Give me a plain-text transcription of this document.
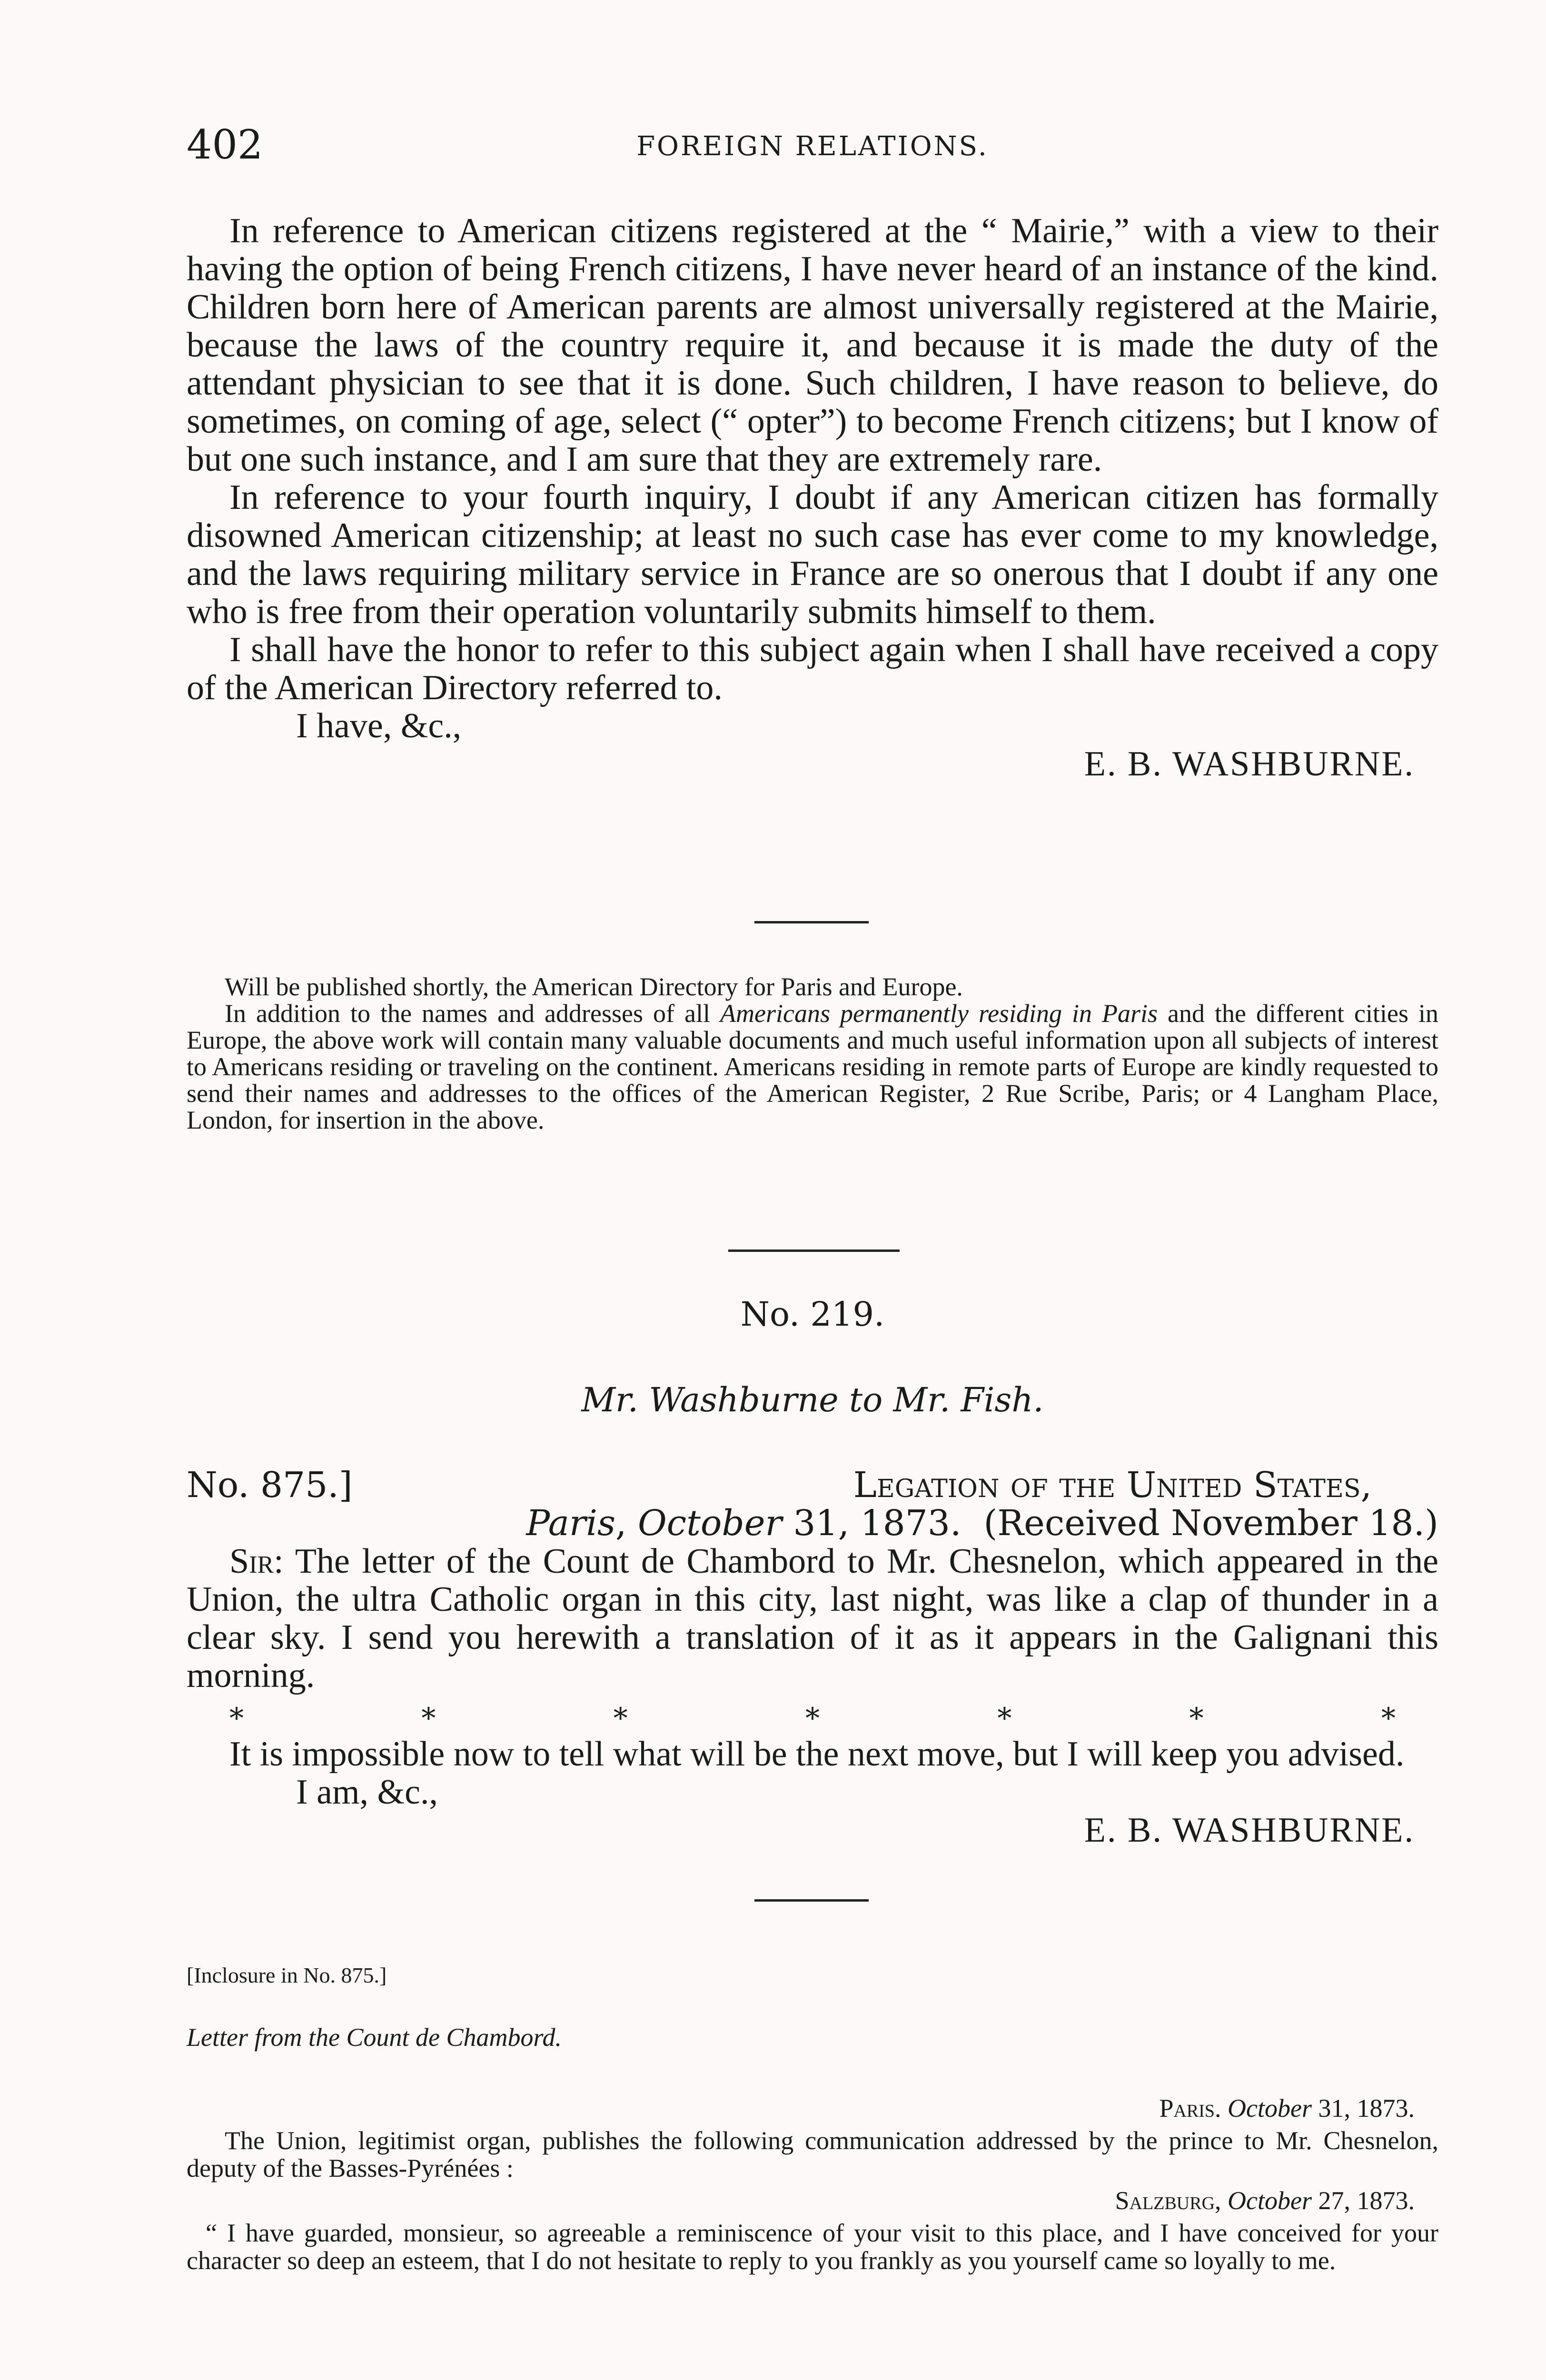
402	FOREIGN RELATIONS.

In reference to American citizens registered at the “ Mairie,” with a view to their having the option of being French citizens, I have never heard of an instance of the kind. Children born here of American parents are almost universally registered at the Mairie, because the laws of the country require it, and because it is made the duty of the attendant physician to see that it is done. Such children, I have reason to believe, do sometimes, on coming of age, select (“ opter”) to become French citizens; but I know of but one such instance, and I am sure that they are extremely rare.

In reference to your fourth inquiry, I doubt if any American citizen has formally disowned American citizenship; at least no such case has ever come to my knowledge, and the laws requiring military service in France are so onerous that I doubt if any one who is free from their operation voluntarily submits himself to them.

I shall have the honor to refer to this subject again when I shall have received a copy of the American Directory referred to.

I have, &c.,

E. B. WASHBURNE.

Will be published shortly, the American Directory for Paris and Europe.

In addition to the names and addresses of all Americans permanently residing in Paris and the different cities in Europe, the above work will contain many valuable documents and much useful information upon all subjects of interest to Americans residing or traveling on the continent. Americans residing in remote parts of Europe are kindly requested to send their names and addresses to the offices of the American Register, 2 Rue Scribe, Paris; or 4 Langham Place, London, for insertion in the above.

No. 219.
Mr. Washburne to Mr. Fish.
No. 875.]	Legation of the United States,
Paris, October 31, 1873. (Received November 18.)

Sir: The letter of the Count de Chambord to Mr. Chesnelon, which appeared in the Union, the ultra Catholic organ in this city, last night, was like a clap of thunder in a clear sky. I send you herewith a translation of it as it appears in the Galignani this morning.

*	*	*	*	*	*	*

It is impossible now to tell what will be the next move, but I will keep you advised.

I am, &c.,

E. B. WASHBURNE.

[Inclosure in No. 875.]

Letter from the Count de Chambord.

Paris. October 31, 1873.

The Union, legitimist organ, publishes the following communication addressed by the prince to Mr. Chesnelon, deputy of the Basses-Pyrénées :

Salzburg, October 27, 1873.

“ I have guarded, monsieur, so agreeable a reminiscence of your visit to this place, and I have conceived for your character so deep an esteem, that I do not hesitate to reply to you frankly as you yourself came so loyally to me.
